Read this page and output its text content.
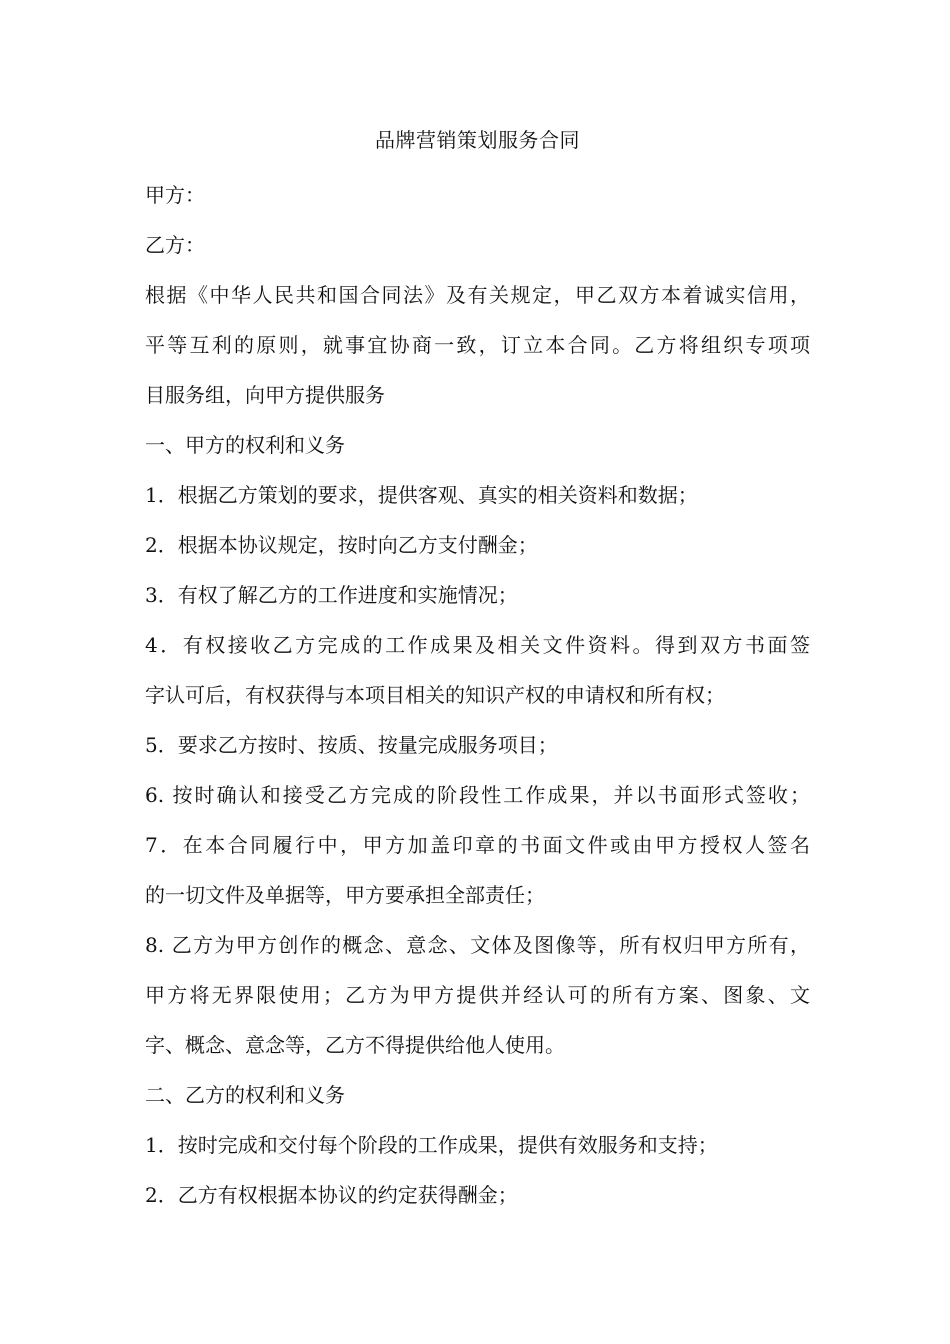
品牌营销策划服务合同

甲方：

乙方：

根据《中华人民共和国合同法》及有关规定，甲乙双方本着诚实信用，

平等互利的原则，就事宜协商一致，订立本合同。乙方将组织专项项

目服务组，向甲方提供服务

一、甲方的权利和义务

1．根据乙方策划的要求，提供客观、真实的相关资料和数据；

2．根据本协议规定，按时向乙方支付酬金；

3．有权了解乙方的工作进度和实施情况；

4．有权接收乙方完成的工作成果及相关文件资料。得到双方书面签

字认可后，有权获得与本项目相关的知识产权的申请权和所有权；

5．要求乙方按时、按质、按量完成服务项目；

6. 按时确认和接受乙方完成的阶段性工作成果，并以书面形式签收；

7．在本合同履行中，甲方加盖印章的书面文件或由甲方授权人签名

的一切文件及单据等，甲方要承担全部责任；

8. 乙方为甲方创作的概念、意念、文体及图像等，所有权归甲方所有，

甲方将无界限使用；乙方为甲方提供并经认可的所有方案、图象、文

字、概念、意念等，乙方不得提供给他人使用。

二、乙方的权利和义务

1．按时完成和交付每个阶段的工作成果，提供有效服务和支持；

2．乙方有权根据本协议的约定获得酬金；
